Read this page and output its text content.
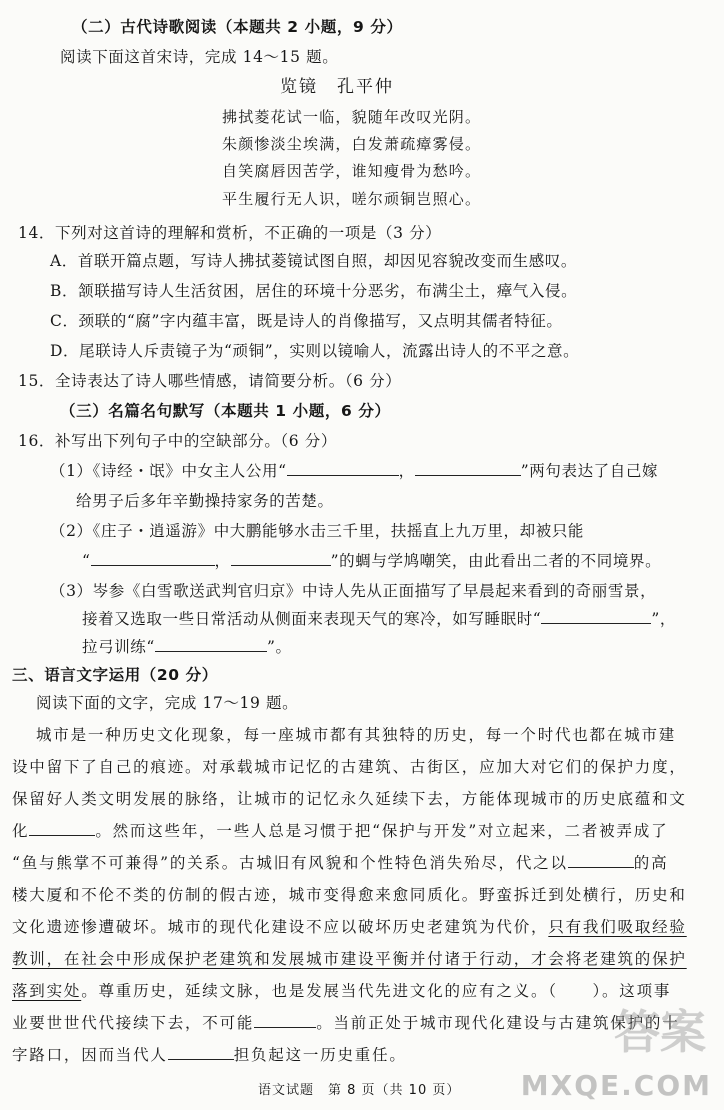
（二）古代诗歌阅读（本题共 2 小题，9 分）
阅读下面这首宋诗，完成 14～15 题。
览镜　孔平仲
拂拭菱花试一临，貌随年改叹光阴。
朱颜惨淡尘埃满，白发萧疏瘴雾侵。
自笑腐唇因苦学，谁知瘦骨为愁吟。
平生履行无人识，嗟尔顽铜岂照心。
14．下列对这首诗的理解和赏析，不正确的一项是（3 分）
A．首联开篇点题，写诗人拂拭菱镜试图自照，却因见容貌改变而生感叹。
B．颔联描写诗人生活贫困，居住的环境十分恶劣，布满尘土，瘴气入侵。
C．颈联的“腐”字内蕴丰富，既是诗人的肖像描写，又点明其儒者特征。
D．尾联诗人斥责镜子为“顽铜”，实则以镜喻人，流露出诗人的不平之意。
15．全诗表达了诗人哪些情感，请简要分析。（6 分）
（三）名篇名句默写（本题共 1 小题，6 分）
16．补写出下列句子中的空缺部分。（6 分）
（1）《诗经・氓》中女主人公用“	，	”两句表达了自己嫁
给男子后多年辛勤操持家务的苦楚。
（2）《庄子・逍遥游》中大鹏能够水击三千里，扶摇直上九万里，却被只能
“	，	”的蜩与学鸠嘲笑，由此看出二者的不同境界。
（3）岑参《白雪歌送武判官归京》中诗人先从正面描写了早晨起来看到的奇丽雪景，
接着又选取一些日常活动从侧面来表现天气的寒冷，如写睡眠时“	”，
拉弓训练“	”。
三、语言文字运用（20 分）
阅读下面的文字，完成 17～19 题。
城市是一种历史文化现象，每一座城市都有其独特的历史，每一个时代也都在城市建
设中留下了自己的痕迹。对承载城市记忆的古建筑、古街区，应加大对它们的保护力度，
保留好人类文明发展的脉络，让城市的记忆永久延续下去，方能体现城市的历史底蕴和文
化	。然而这些年，一些人总是习惯于把“保护与开发”对立起来，二者被弄成了
“鱼与熊掌不可兼得”的关系。古城旧有风貌和个性特色消失殆尽，代之以	的高
楼大厦和不伦不类的仿制的假古迹，城市变得愈来愈同质化。野蛮拆迁到处横行，历史和
文化遗迹惨遭破坏。城市的现代化建设不应以破坏历史老建筑为代价，只有我们吸取经验
教训，在社会中形成保护老建筑和发展城市建设平衡并付诸于行动，才会将老建筑的保护
落到实处。尊重历史，延续文脉，也是发展当代先进文化的应有之义。（　　）。这项事
业要世世代代接续下去，不可能	。当前正处于城市现代化建设与古建筑保护的十
字路口，因而当代人	担负起这一历史重任。
语文试题　第 8 页（共 10 页）
答案
MXQE.COM
